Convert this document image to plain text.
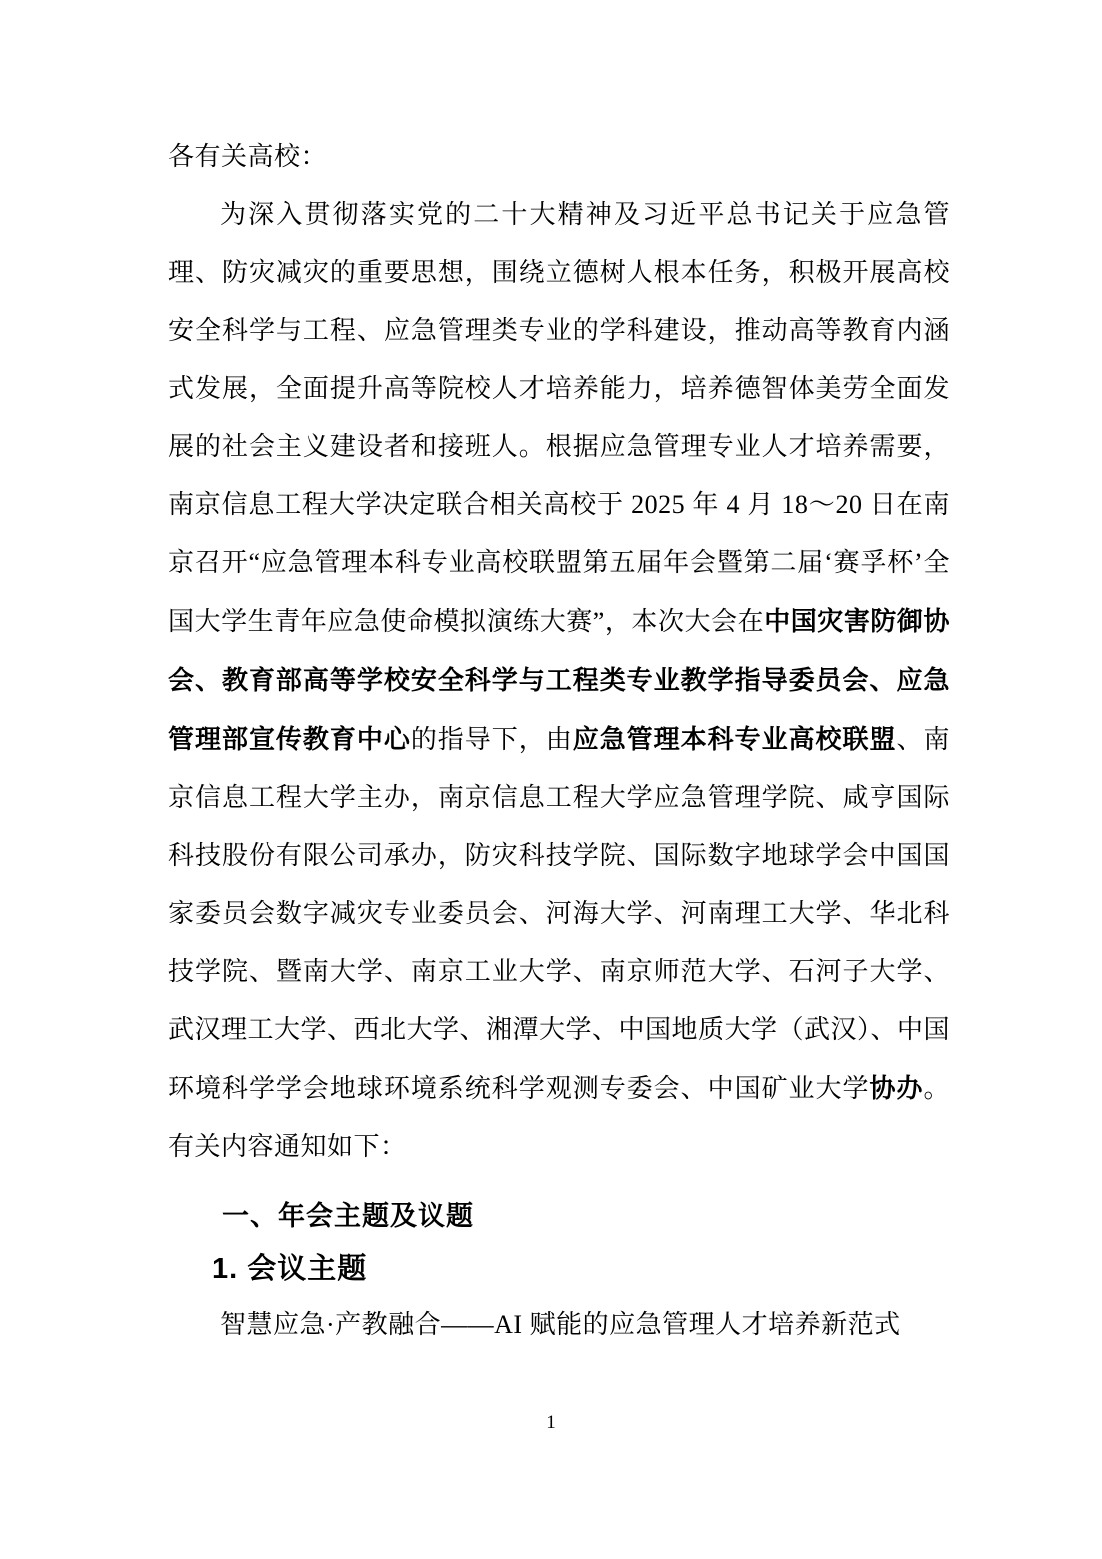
各有关高校：

为深入贯彻落实党的二十大精神及习近平总书记关于应急管理、防灾减灾的重要思想，围绕立德树人根本任务，积极开展高校安全科学与工程、应急管理类专业的学科建设，推动高等教育内涵式发展，全面提升高等院校人才培养能力，培养德智体美劳全面发展的社会主义建设者和接班人。根据应急管理专业人才培养需要，南京信息工程大学决定联合相关高校于 2025 年 4 月 18～20 日在南京召开“应急管理本科专业高校联盟第五届年会暨第二届‘赛孚杯’全国大学生青年应急使命模拟演练大赛”，本次大会在中国灾害防御协会、教育部高等学校安全科学与工程类专业教学指导委员会、应急管理部宣传教育中心的指导下，由应急管理本科专业高校联盟、南京信息工程大学主办，南京信息工程大学应急管理学院、咸亨国际科技股份有限公司承办，防灾科技学院、国际数字地球学会中国国家委员会数字减灾专业委员会、河海大学、河南理工大学、华北科技学院、暨南大学、南京工业大学、南京师范大学、石河子大学、武汉理工大学、西北大学、湘潭大学、中国地质大学（武汉）、中国环境科学学会地球环境系统科学观测专委会、中国矿业大学协办。有关内容通知如下：

一、年会主题及议题
1. 会议主题

智慧应急·产教融合——AI 赋能的应急管理人才培养新范式

1
